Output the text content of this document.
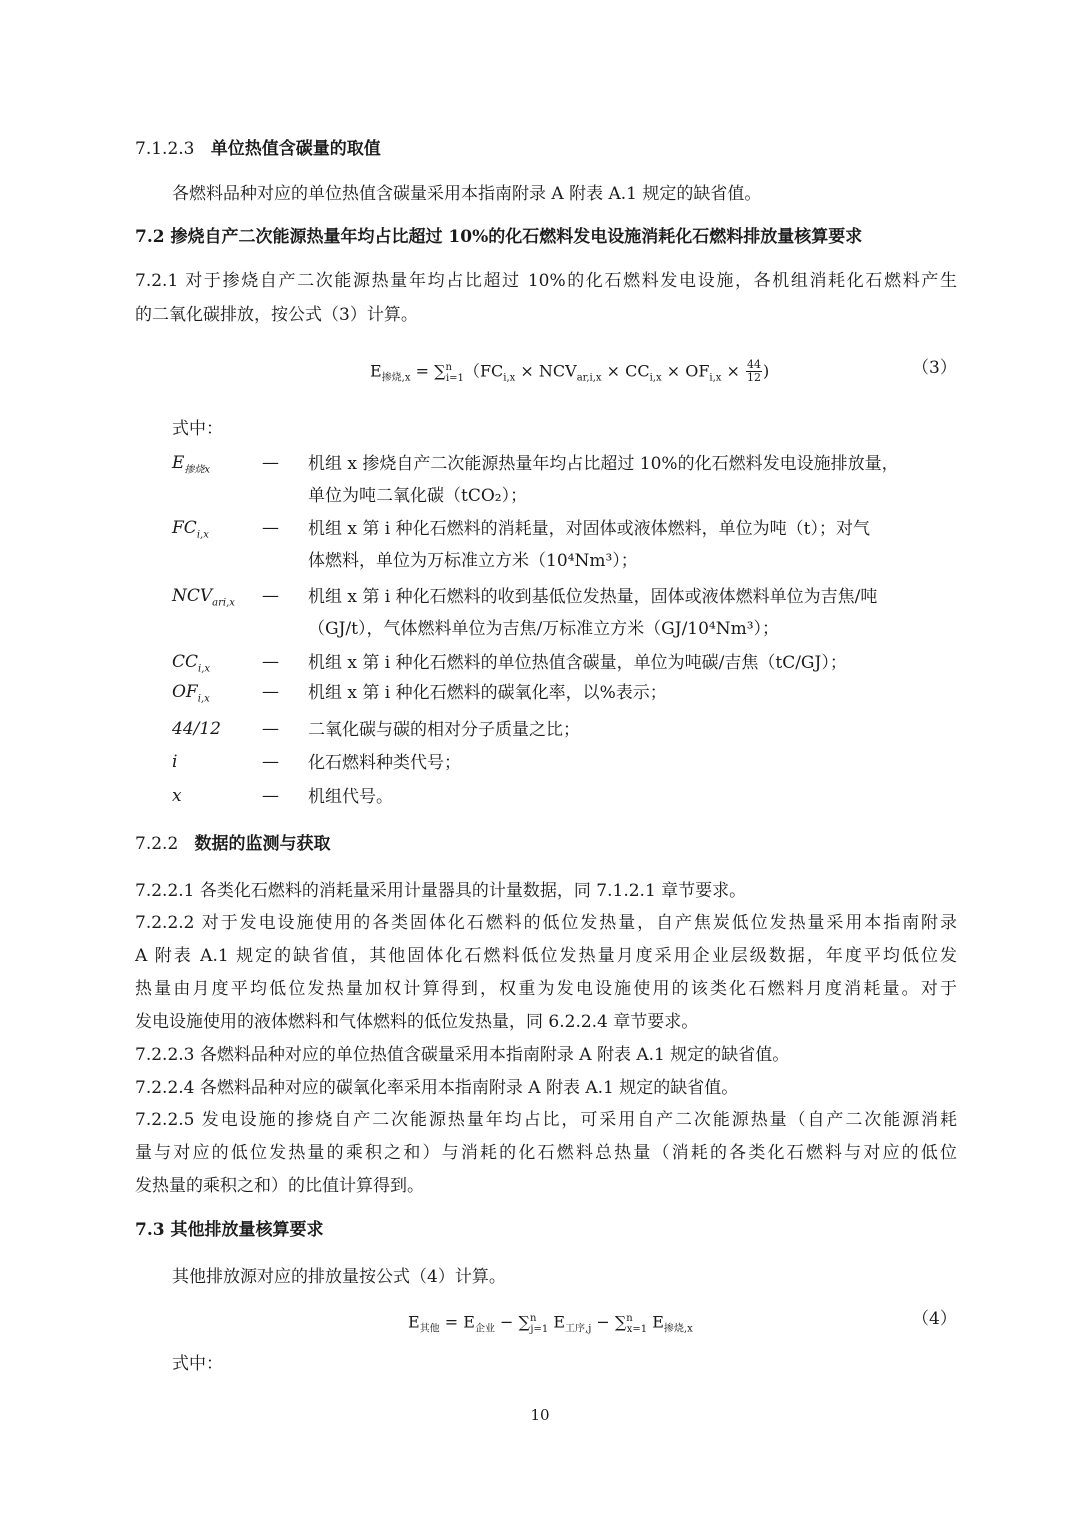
7.1.2.3 单位热值含碳量的取值
各燃料品种对应的单位热值含碳量采用本指南附录 A 附表 A.1 规定的缺省值。
7.2 掺烧自产二次能源热量年均占比超过 10%的化石燃料发电设施消耗化石燃料排放量核算要求
7.2.1 对于掺烧自产二次能源热量年均占比超过 10%的化石燃料发电设施，各机组消耗化石燃料产生
的二氧化碳排放，按公式（3）计算。
$E_{掺烧,x} = \sum^n_{i=1}(FC_{i,x} \times NCV_{ar,i,x} \times CC_{i,x} \times OF_{i,x} \times \frac{44}{12}$ )	（3）
式中：
$E_{掺烧x}$	— 机组 x 掺烧自产二次能源热量年均占比超过 10%的化石燃料发电设施排放量，
单位为吨二氧化碳（tCO₂）；
$FC_{i,x}$	— 机组 x 第 i 种化石燃料的消耗量，对固体或液体燃料，单位为吨（t）；对气
体燃料，单位为万标准立方米（10⁴Nm³）；
$NCV_{ari,x}$ — 机组 x 第 i 种化石燃料的收到基低位发热量，固体或液体燃料单位为吉焦/吨
（GJ/t），气体燃料单位为吉焦/万标准立方米（GJ/10⁴Nm³）；
$CC_{i,x}$	— 机组 x 第 i 种化石燃料的单位热值含碳量，单位为吨碳/吉焦（tC/GJ）；
$OF_{i,x}$	— 机组 x 第 i 种化石燃料的碳氧化率，以%表示；
44/12 — 二氧化碳与碳的相对分子质量之比；
i	— 化石燃料种类代号；
x	— 机组代号。
7.2.2 数据的监测与获取
7.2.2.1 各类化石燃料的消耗量采用计量器具的计量数据，同 7.1.2.1 章节要求。
7.2.2.2 对于发电设施使用的各类固体化石燃料的低位发热量，自产焦炭低位发热量采用本指南附录
A 附表 A.1 规定的缺省值，其他固体化石燃料低位发热量月度采用企业层级数据，年度平均低位发
热量由月度平均低位发热量加权计算得到，权重为发电设施使用的该类化石燃料月度消耗量。对于
发电设施使用的液体燃料和气体燃料的低位发热量，同 6.2.2.4 章节要求。
7.2.2.3 各燃料品种对应的单位热值含碳量采用本指南附录 A 附表 A.1 规定的缺省值。
7.2.2.4 各燃料品种对应的碳氧化率采用本指南附录 A 附表 A.1 规定的缺省值。
7.2.2.5 发电设施的掺烧自产二次能源热量年均占比，可采用自产二次能源热量（自产二次能源消耗
量与对应的低位发热量的乘积之和）与消耗的化石燃料总热量（消耗的各类化石燃料与对应的低位
发热量的乘积之和）的比值计算得到。
7.3 其他排放量核算要求
其他排放源对应的排放量按公式（4）计算。
$E_{其他} = E_{企业} - \sum^n_{j=1}$ $E_{工序,j} - \sum^n_{x=1}$ $E_{掺烧,x}$
（4）
式中：
10
